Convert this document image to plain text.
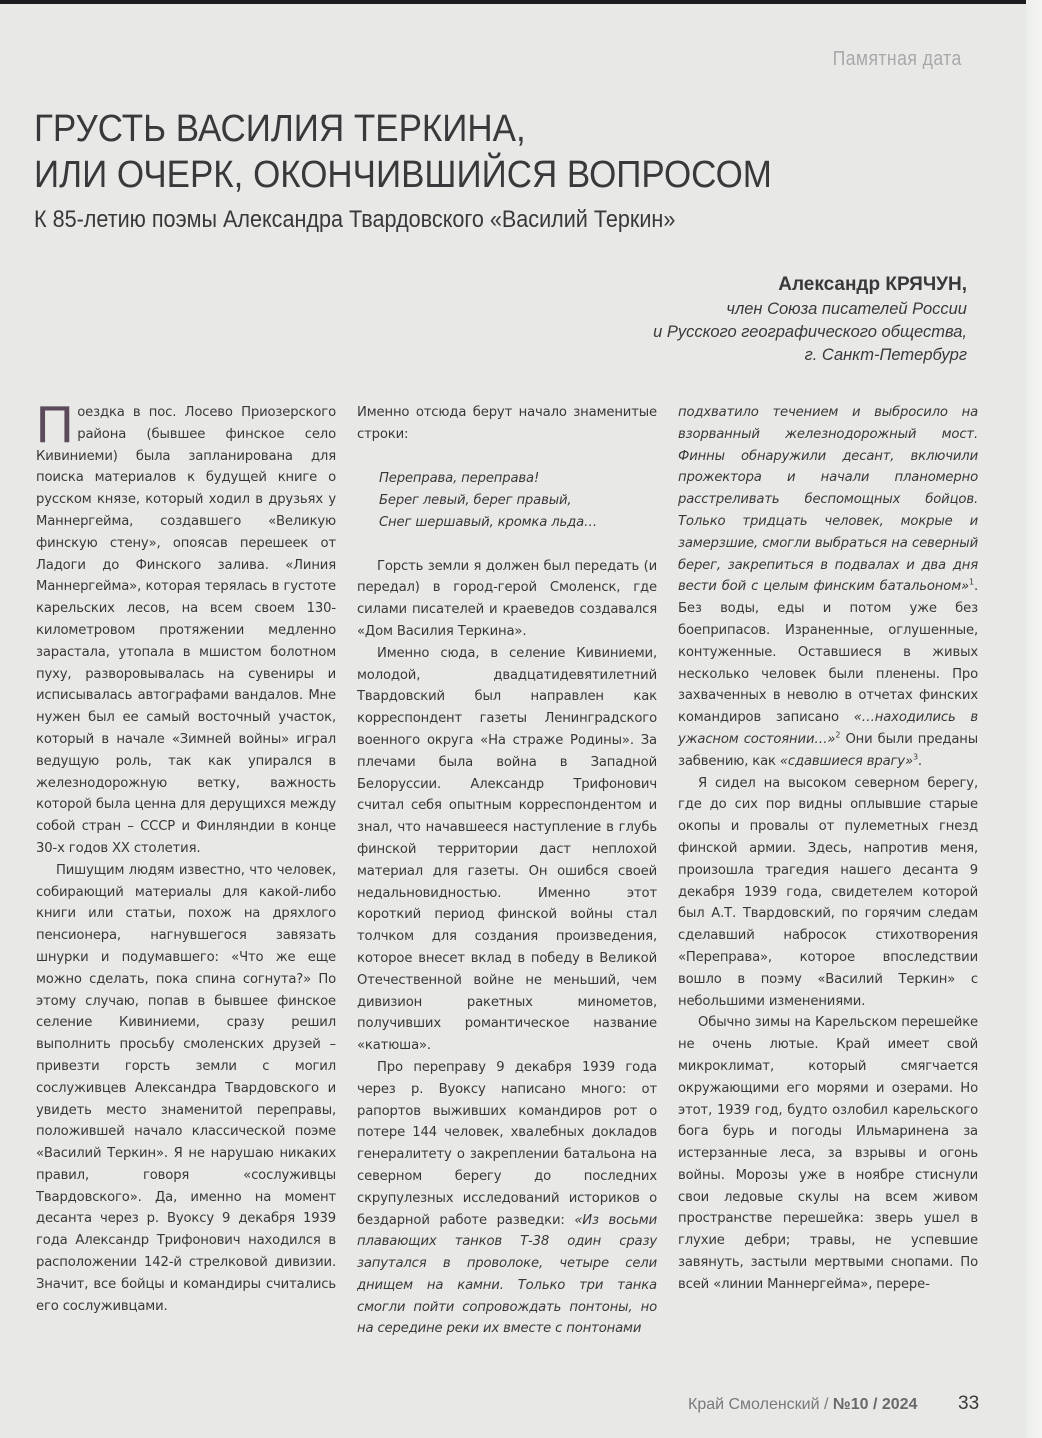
Памятная дата
ГРУСТЬ ВАСИЛИЯ ТЕРКИНА,
ИЛИ ОЧЕРК, ОКОНЧИВШИЙСЯ ВОПРОСОМ
К 85-летию поэмы Александра Твардовского «Василий Теркин»
Александр КРЯЧУН,
член Союза писателей России
и Русского географического общества,
г. Санкт-Петербург

Поездка в пос. Лосево Приозерского района (бывшее финское село Кивиниеми) была запланирована для поиска материалов к будущей книге о русском князе, который ходил в друзьях у Маннергейма, создавшего «Великую финскую стену», опоясав перешеек от Ладоги до Финского залива. «Линия Маннергейма», которая терялась в густоте карельских лесов, на всем своем 130-километровом протяжении медленно зарастала, утопала в мшистом болотном пуху, разворовывалась на сувениры и исписывалась автографами вандалов. Мне нужен был ее самый восточный участок, который в начале «Зимней войны» играл ведущую роль, так как упирался в железнодорожную ветку, важность которой была ценна для дерущихся между собой стран – СССР и Финляндии в конце 30-х годов XX столетия.

Пишущим людям известно, что человек, собирающий материалы для какой-либо книги или статьи, похож на дряхлого пенсионера, нагнувшегося завязать шнурки и подумавшего: «Что же еще можно сделать, пока спина согнута?» По этому случаю, попав в бывшее финское селение Кивиниеми, сразу решил выполнить просьбу смоленских друзей – привезти горсть земли с могил сослуживцев Александра Твардовского и увидеть место знаменитой переправы, положившей начало классической поэме «Василий Теркин». Я не нарушаю никаких правил, говоря «сослуживцы Твардовского». Да, именно на момент десанта через р. Вуоксу 9 декабря 1939 года Александр Трифонович находился в расположении 142-й стрелковой дивизии. Значит, все бойцы и командиры считались его сослуживцами.

Именно отсюда берут начало знаменитые строки:

Переправа, переправа!
Берег левый, берег правый,
Снег шершавый, кромка льда…

Горсть земли я должен был передать (и передал) в город-герой Смоленск, где силами писателей и краеведов создавался «Дом Василия Теркина».

Именно сюда, в селение Кивиниеми, молодой, двадцатидевятилетний Твардовский был направлен как корреспондент газеты Ленинградского военного округа «На страже Родины». За плечами была война в Западной Белоруссии. Александр Трифонович считал себя опытным корреспондентом и знал, что начавшееся наступление в глубь финской территории даст неплохой материал для газеты. Он ошибся своей недальновидностью. Именно этот короткий период финской войны стал толчком для создания произведения, которое внесет вклад в победу в Великой Отечественной войне не меньший, чем дивизион ракетных минометов, получивших романтическое название «катюша».

Про переправу 9 декабря 1939 года через р. Вуоксу написано много: от рапортов выживших командиров рот о потере 144 человек, хвалебных докладов генералитету о закреплении батальона на северном берегу до последних скрупулезных исследований историков о бездарной работе разведки: «Из восьми плавающих танков Т-38 один сразу запутался в проволоке, четыре сели днищем на камни. Только три танка смогли пойти сопровождать понтоны, но на середине реки их вместе с понтонами

подхватило течением и выбросило на взорванный железнодорожный мост. Финны обнаружили десант, включили прожектора и начали планомерно расстреливать беспомощных бойцов. Только тридцать человек, мокрые и замерзшие, смогли выбраться на северный берег, закрепиться в подвалах и два дня вести бой с целым финским батальоном»$^1$. Без воды, еды и потом уже без боеприпасов. Израненные, оглушенные, контуженные. Оставшиеся в живых несколько человек были пленены. Про захваченных в неволю в отчетах финских командиров записано «…находились в ужасном состоянии…»$^2$ Они были преданы забвению, как «сдавшиеся врагу»$^3$.

Я сидел на высоком северном берегу, где до сих пор видны оплывшие старые окопы и провалы от пулеметных гнезд финской армии. Здесь, напротив меня, произошла трагедия нашего десанта 9 декабря 1939 года, свидетелем которой был А.Т. Твардовский, по горячим следам сделавший набросок стихотворения «Переправа», которое впоследствии вошло в поэму «Василий Теркин» с небольшими изменениями.

Обычно зимы на Карельском перешейке не очень лютые. Край имеет свой микроклимат, который смягчается окружающими его морями и озерами. Но этот, 1939 год, будто озлобил карельского бога бурь и погоды Ильмариненa за истерзанные леса, за взрывы и огонь войны. Морозы уже в ноябре стиснули свои ледовые скулы на всем живом пространстве перешейка: зверь ушел в глухие дебри; травы, не успевшие завянуть, застыли мертвыми снопами. По всей «линии Маннергейма», перере-

Край Смоленский / №10 / 2024 33
